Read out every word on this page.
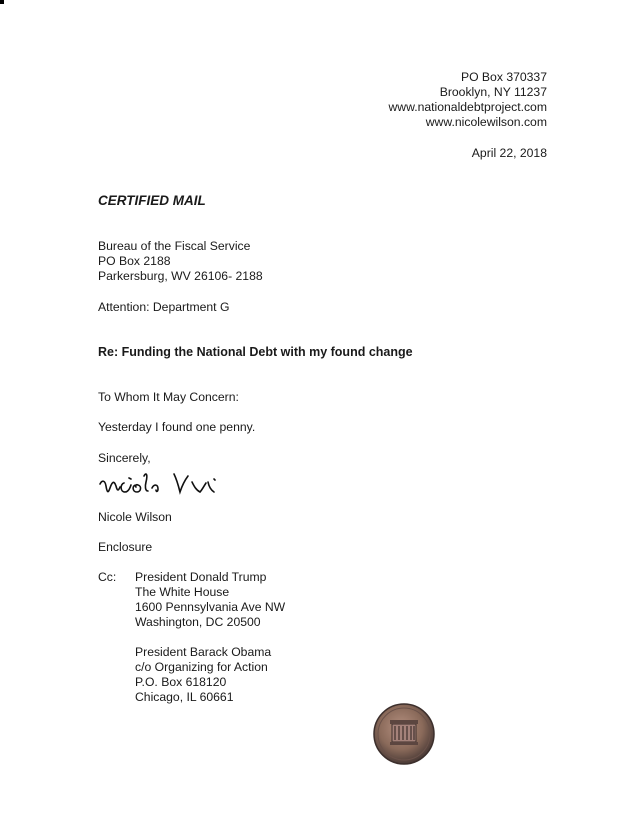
PO Box 370337
Brooklyn, NY 11237
www.nationaldebtproject.com
www.nicolewilson.com
April 22, 2018
CERTIFIED MAIL
Bureau of the Fiscal Service
PO Box 2188
Parkersburg, WV 26106- 2188
Attention: Department G
Re: Funding the National Debt with my found change
To Whom It May Concern:
Yesterday I found one penny.
Sincerely,
Nicole Wilson
Enclosure
Cc: President Donald Trump
The White House
1600 Pennsylvania Ave NW
Washington, DC 20500
President Barack Obama
c/o Organizing for Action
P.O. Box 618120
Chicago, IL 60661
